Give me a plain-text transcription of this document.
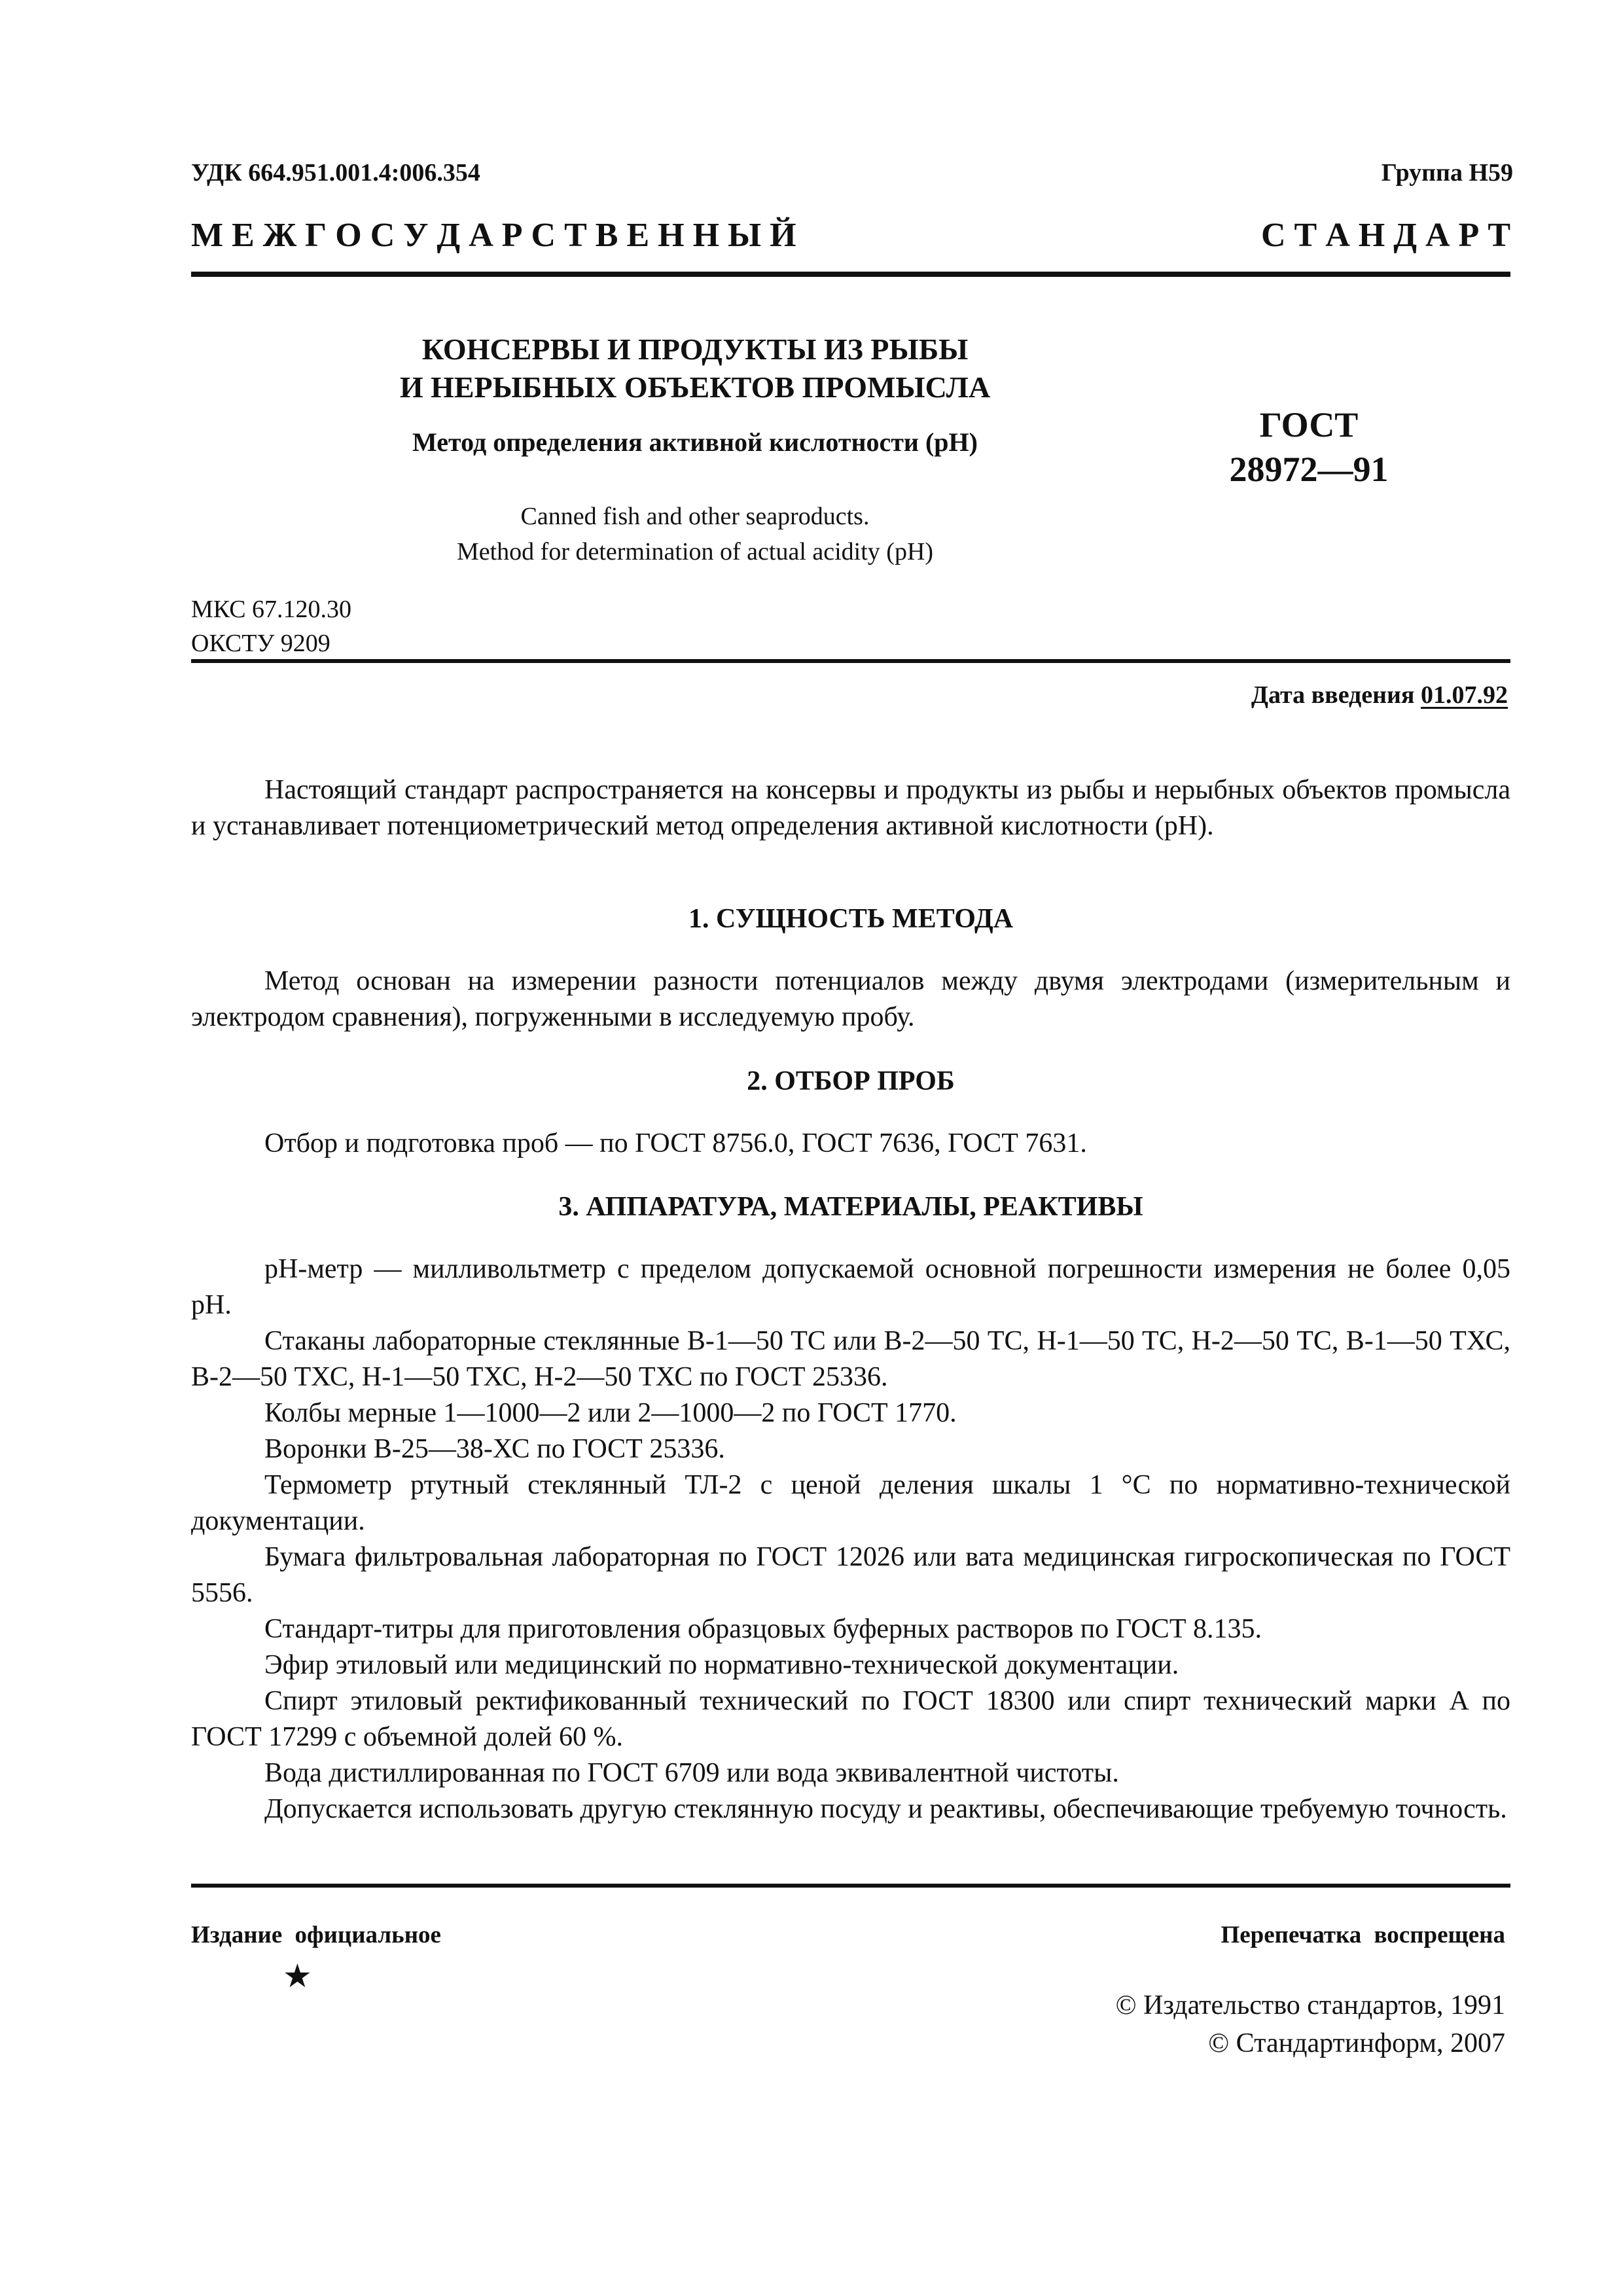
УДК 664.951.001.4:006.354	Группа Н59
М Е Ж Г О С У Д А Р С Т В Е Н Н Ы Й	С Т А Н Д А Р Т
КОНСЕРВЫ И ПРОДУКТЫ ИЗ РЫБЫ
И НЕРЫБНЫХ ОБЪЕКТОВ ПРОМЫСЛА
Метод определения активной кислотности (pH)
Canned fish and other seaproducts.
Method for determination of actual acidity (pH)
ГОСТ
28972—91
МКС 67.120.30
ОКСТУ 9209
Дата введения 01.07.92

Настоящий стандарт распространяется на консервы и продукты из рыбы и нерыбных объектов промысла и устанавливает потенциометрический метод определения активной кислотности (pH).

1. СУЩНОСТЬ МЕТОДА

Метод основан на измерении разности потенциалов между двумя электродами (измерительным и электродом сравнения), погруженными в исследуемую пробу.

2. ОТБОР ПРОБ

Отбор и подготовка проб — по ГОСТ 8756.0, ГОСТ 7636, ГОСТ 7631.

3. АППАРАТУРА, МАТЕРИАЛЫ, РЕАКТИВЫ

pH-метр — милливольтметр с пределом допускаемой основной погрешности измерения не более 0,05 pH.

Стаканы лабораторные стеклянные В-1—50 ТС или В-2—50 ТС, Н-1—50 ТС, Н-2—50 ТС, В-1—50 ТХС, В-2—50 ТХС, Н-1—50 ТХС, Н-2—50 ТХС по ГОСТ 25336.

Колбы мерные 1—1000—2 или 2—1000—2 по ГОСТ 1770.

Воронки В-25—38-ХС по ГОСТ 25336.

Термометр ртутный стеклянный ТЛ-2 с ценой деления шкалы 1 °С по нормативно-технической документации.

Бумага фильтровальная лабораторная по ГОСТ 12026 или вата медицинская гигроскопическая по ГОСТ 5556.

Стандарт-титры для приготовления образцовых буферных растворов по ГОСТ 8.135.

Эфир этиловый или медицинский по нормативно-технической документации.

Спирт этиловый ректификованный технический по ГОСТ 18300 или спирт технический марки А по ГОСТ 17299 с объемной долей 60 %.

Вода дистиллированная по ГОСТ 6709 или вода эквивалентной чистоты.

Допускается использовать другую стеклянную посуду и реактивы, обеспечивающие требуемую точность.

Издание официальное	Перепечатка воспрещена
★
© Издательство стандартов, 1991
© Стандартинформ, 2007
